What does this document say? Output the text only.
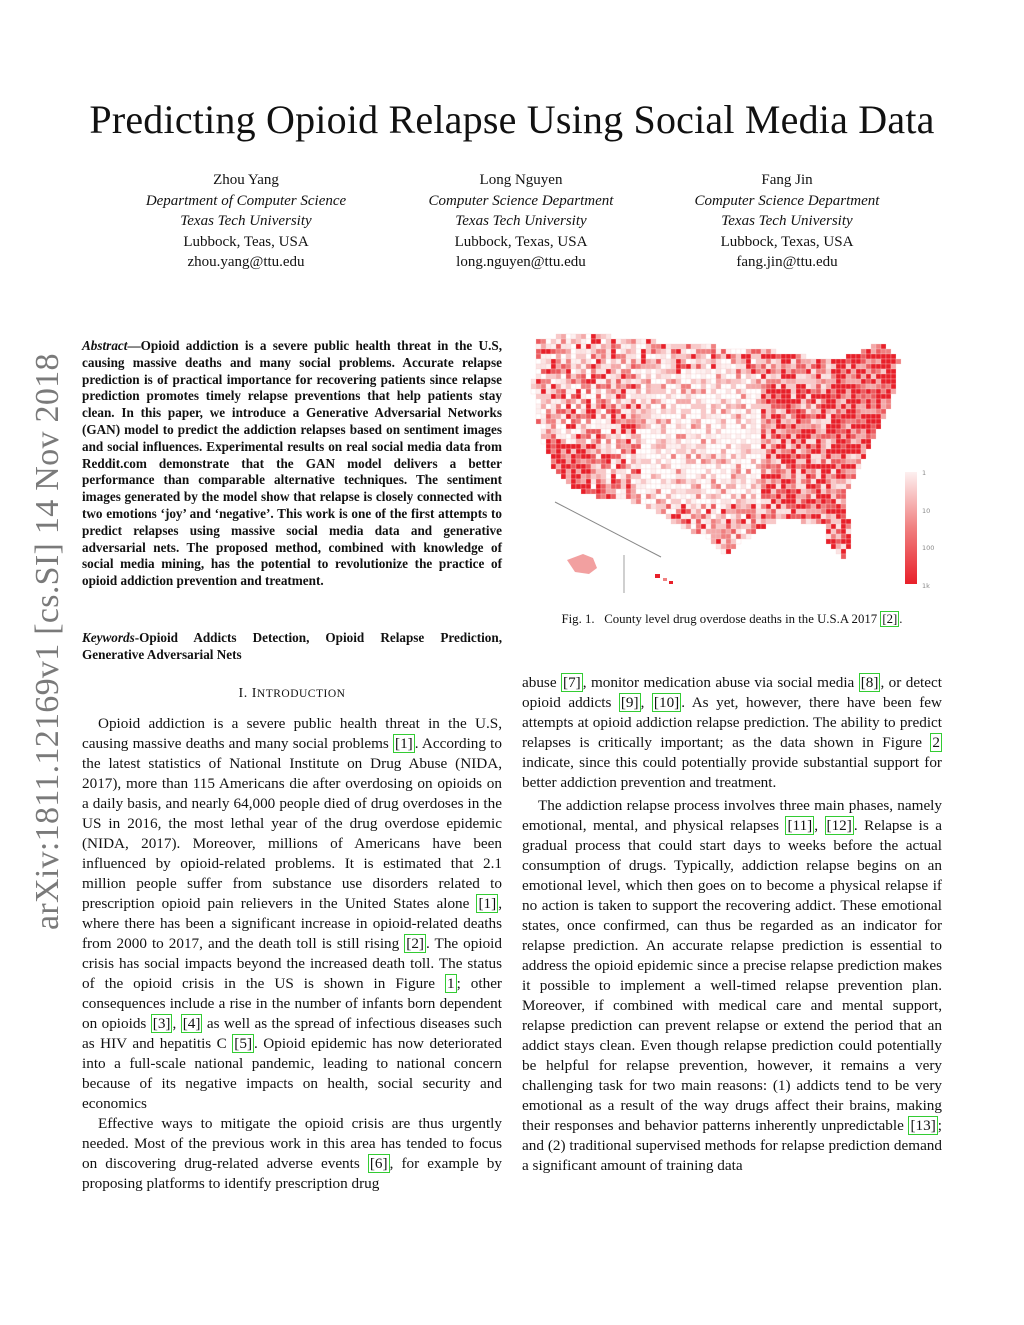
Predicting Opioid Relapse Using Social Media Data
Zhou Yang
Department of Computer Science
Texas Tech University
Lubbock, Teas, USA
zhou.yang@ttu.edu
Long Nguyen
Computer Science Department
Texas Tech University
Lubbock, Texas, USA
long.nguyen@ttu.edu
Fang Jin
Computer Science Department
Texas Tech University
Lubbock, Texas, USA
fang.jin@ttu.edu
arXiv:1811.12169v1 [cs.SI] 14 Nov 2018
Abstract—Opioid addiction is a severe public health threat in the U.S, causing massive deaths and many social problems. Accurate relapse prediction is of practical importance for recovering patients since relapse prediction promotes timely relapse preventions that help patients stay clean. In this paper, we introduce a Generative Adversarial Networks (GAN) model to predict the addiction relapses based on sentiment images and social influences. Experimental results on real social media data from Reddit.com demonstrate that the GAN model delivers a better performance than comparable alternative techniques. The sentiment images generated by the model show that relapse is closely connected with two emotions ‘joy’ and ‘negative’. This work is one of the first attempts to predict relapses using massive social media data and generative adversarial nets. The proposed method, combined with knowledge of social media mining, has the potential to revolutionize the practice of opioid addiction prevention and treatment.
Keywords-Opioid Addicts Detection, Opioid Relapse Prediction, Generative Adversarial Nets
I. INTRODUCTION

Opioid addiction is a severe public health threat in the U.S, causing massive deaths and many social problems [1] . According to the latest statistics of National Institute on Drug Abuse (NIDA, 2017), more than 115 Americans die after overdosing on opioids on a daily basis, and nearly 64,000 people died of drug overdoses in the US in 2016, the most lethal year of the drug overdose epidemic (NIDA, 2017). Moreover, millions of Americans have been influenced by opioid-related problems. It is estimated that 2.1 million people suffer from substance use disorders related to prescription opioid pain relievers in the United States alone [1] , where there has been a significant increase in opioid-related deaths from 2000 to 2017, and the death toll is still rising [2] . The opioid crisis has social impacts beyond the increased death toll. The status of the opioid crisis in the US is shown in Figure 1 ; other consequences include a rise in the number of infants born dependent on opioids [3] , [4] as well as the spread of infectious diseases such as HIV and hepatitis C [5] . Opioid epidemic has now deteriorated into a full-scale national pandemic, leading to national concern because of its negative impacts on health, social security and economics

Effective ways to mitigate the opioid crisis are thus urgently needed. Most of the previous work in this area has tended to focus on discovering drug-related adverse events [6] , for example by proposing platforms to identify prescription drug

1
10
100
1k
Fig. 1. County level drug overdose deaths in the U.S.A 2017 [2] .

abuse [7] , monitor medication abuse via social media [8] , or detect opioid addicts [9] , [10] . As yet, however, there have been few attempts at opioid addiction relapse prediction. The ability to predict relapses is critically important; as the data shown in Figure 2 indicate, since this could potentially provide substantial support for better addiction prevention and treatment.

The addiction relapse process involves three main phases, namely emotional, mental, and physical relapses [11] , [12] . Relapse is a gradual process that could start days to weeks before the actual consumption of drugs. Typically, addiction relapse begins on an emotional level, which then goes on to become a physical relapse if no action is taken to support the recovering addict. These emotional states, once confirmed, can thus be regarded as an indicator for relapse prediction. An accurate relapse prediction is essential to address the opioid epidemic since a precise relapse prediction makes it possible to implement a well-timed relapse prevention plan. Moreover, if combined with medical care and mental support, relapse prediction can prevent relapse or extend the period that an addict stays clean. Even though relapse prediction could potentially be helpful for relapse prevention, however, it remains a very challenging task for two main reasons: (1) addicts tend to be very emotional as a result of the way drugs affect their brains, making their responses and behavior patterns inherently unpredictable [13] ; and (2) traditional supervised methods for relapse prediction demand a significant amount of training data
